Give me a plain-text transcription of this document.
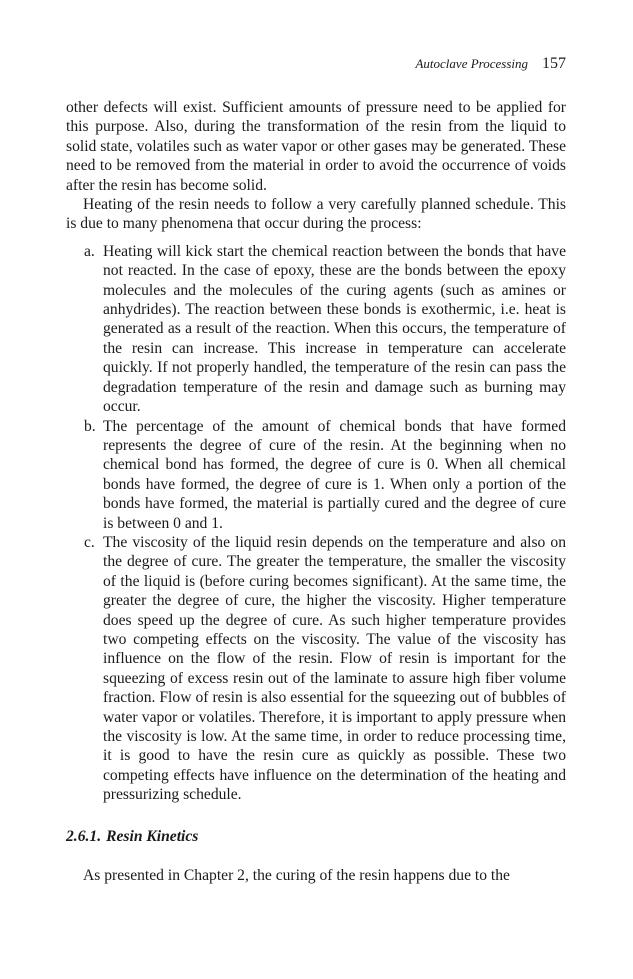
Autoclave Processing 157

other defects will exist. Sufficient amounts of pressure need to be applied for this purpose. Also, during the transformation of the resin from the liquid to solid state, volatiles such as water vapor or other gases may be generated. These need to be removed from the material in order to avoid the occurrence of voids after the resin has become solid.

Heating of the resin needs to follow a very carefully planned schedule. This is due to many phenomena that occur during the process:

a. Heating will kick start the chemical reaction between the bonds that have not reacted. In the case of epoxy, these are the bonds between the epoxy molecules and the molecules of the curing agents (such as amines or anhydrides). The reaction between these bonds is exothermic, i.e. heat is generated as a result of the reaction. When this occurs, the temperature of the resin can increase. This increase in temperature can accelerate quickly. If not properly handled, the temperature of the resin can pass the degradation temperature of the resin and damage such as burning may occur.
b. The percentage of the amount of chemical bonds that have formed represents the degree of cure of the resin. At the beginning when no chemical bond has formed, the degree of cure is 0. When all chemical bonds have formed, the degree of cure is 1. When only a portion of the bonds have formed, the material is partially cured and the degree of cure is between 0 and 1.
c. The viscosity of the liquid resin depends on the temperature and also on the degree of cure. The greater the temperature, the smaller the viscosity of the liquid is (before curing becomes significant). At the same time, the greater the degree of cure, the higher the viscosity. Higher temperature does speed up the degree of cure. As such higher temperature provides two competing effects on the viscosity. The value of the viscosity has influence on the flow of the resin. Flow of resin is important for the squeezing of excess resin out of the laminate to assure high fiber volume fraction. Flow of resin is also essential for the squeezing out of bubbles of water vapor or volatiles. Therefore, it is important to apply pressure when the viscosity is low. At the same time, in order to reduce processing time, it is good to have the resin cure as quickly as possible. These two competing effects have influence on the determination of the heating and pressurizing schedule.
2.6.1. Resin Kinetics

As presented in Chapter 2, the curing of the resin happens due to the
